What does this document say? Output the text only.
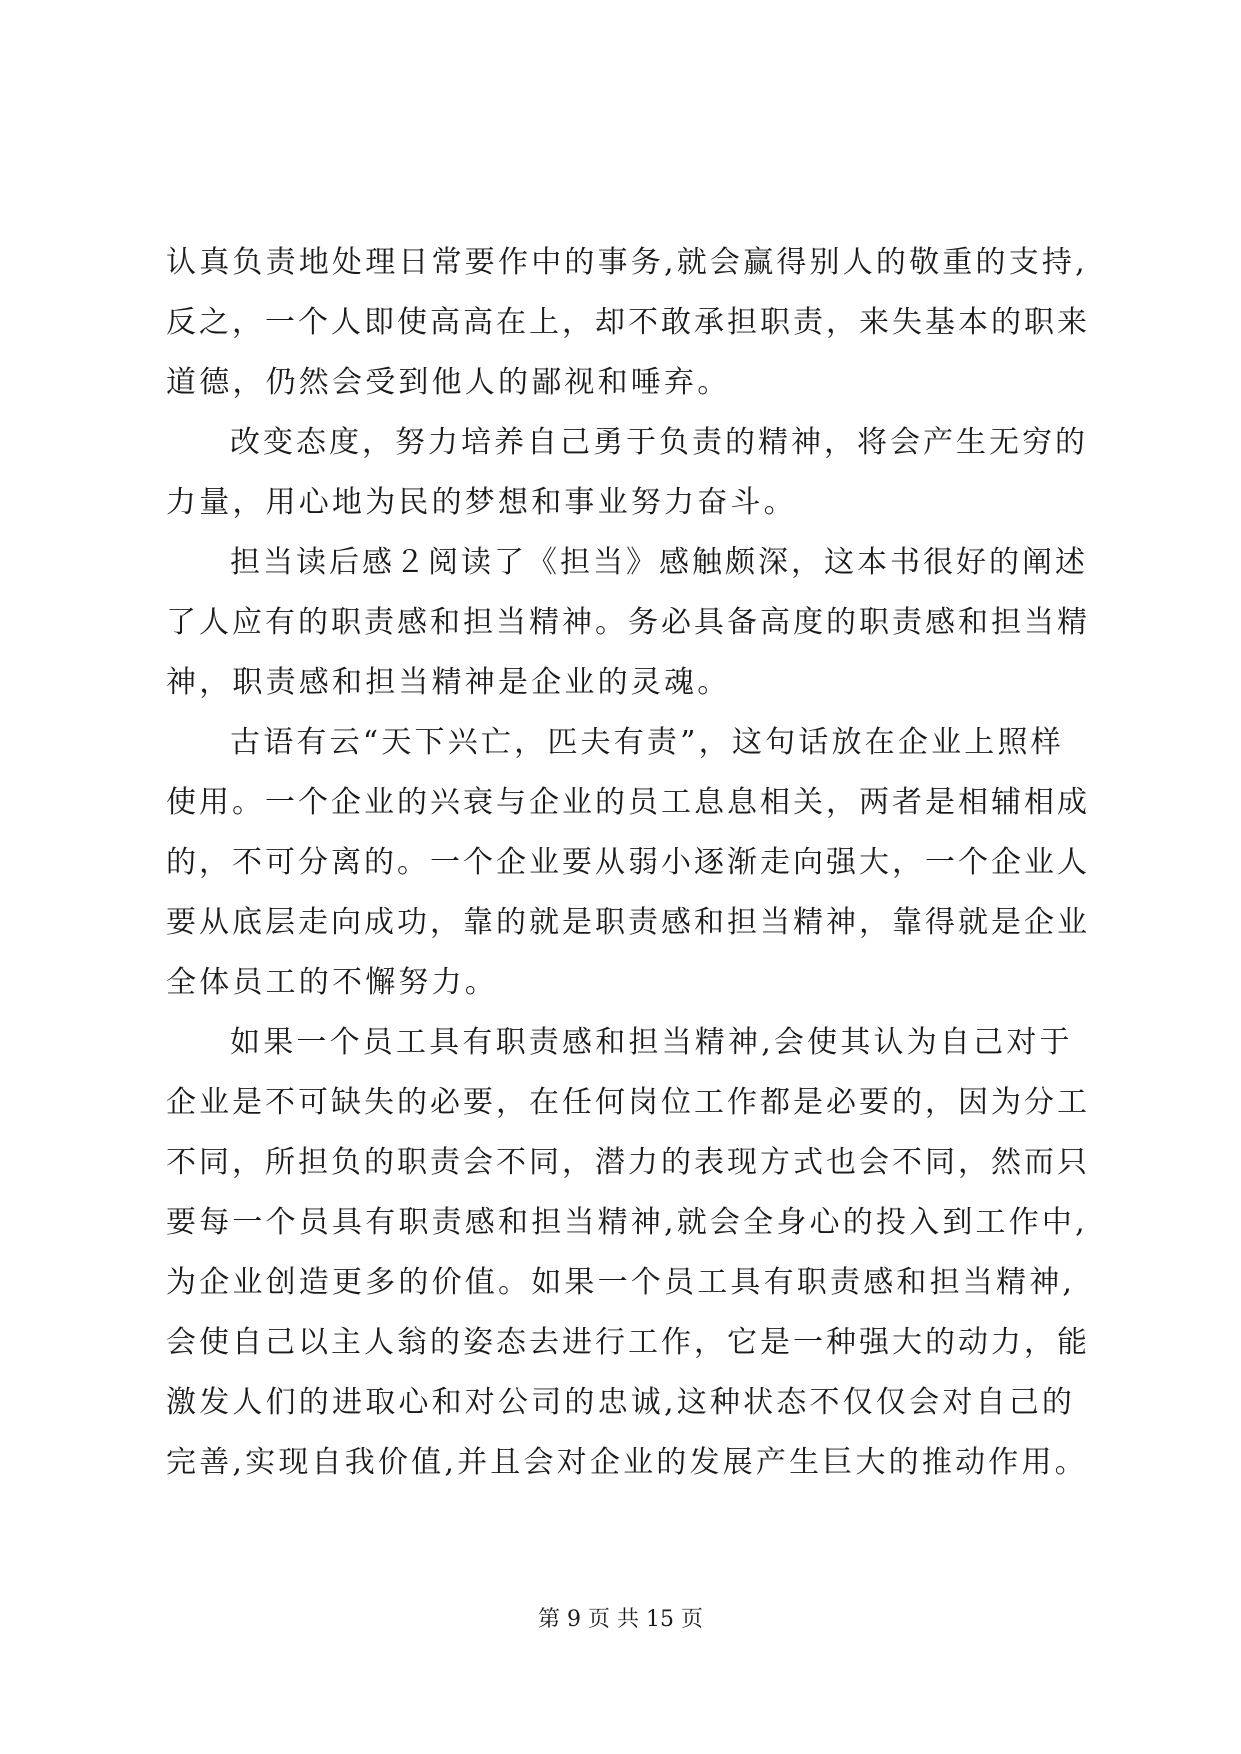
认真负责地处理日常要作中的事务,就会赢得别人的敬重的支持,
反之，一个人即使高高在上，却不敢承担职责，来失基本的职来
道德，仍然会受到他人的鄙视和唾弃。
改变态度，努力培养自己勇于负责的精神，将会产生无穷的
力量，用心地为民的梦想和事业努力奋斗。
担当读后感２阅读了《担当》感触颇深，这本书很好的阐述
了人应有的职责感和担当精神。务必具备高度的职责感和担当精
神，职责感和担当精神是企业的灵魂。
古语有云“天下兴亡，匹夫有责”，这句话放在企业上照样
使用。一个企业的兴衰与企业的员工息息相关，两者是相辅相成
的，不可分离的。一个企业要从弱小逐渐走向强大，一个企业人
要从底层走向成功，靠的就是职责感和担当精神，靠得就是企业
全体员工的不懈努力。
如果一个员工具有职责感和担当精神,会使其认为自己对于
企业是不可缺失的必要，在任何岗位工作都是必要的，因为分工
不同，所担负的职责会不同，潜力的表现方式也会不同，然而只
要每一个员具有职责感和担当精神,就会全身心的投入到工作中,
为企业创造更多的价值。如果一个员工具有职责感和担当精神,
会使自己以主人翁的姿态去进行工作，它是一种强大的动力，能
激发人们的进取心和对公司的忠诚,这种状态不仅仅会对自己的
完善,实现自我价值,并且会对企业的发展产生巨大的推动作用。
第 9 页 共 15 页
